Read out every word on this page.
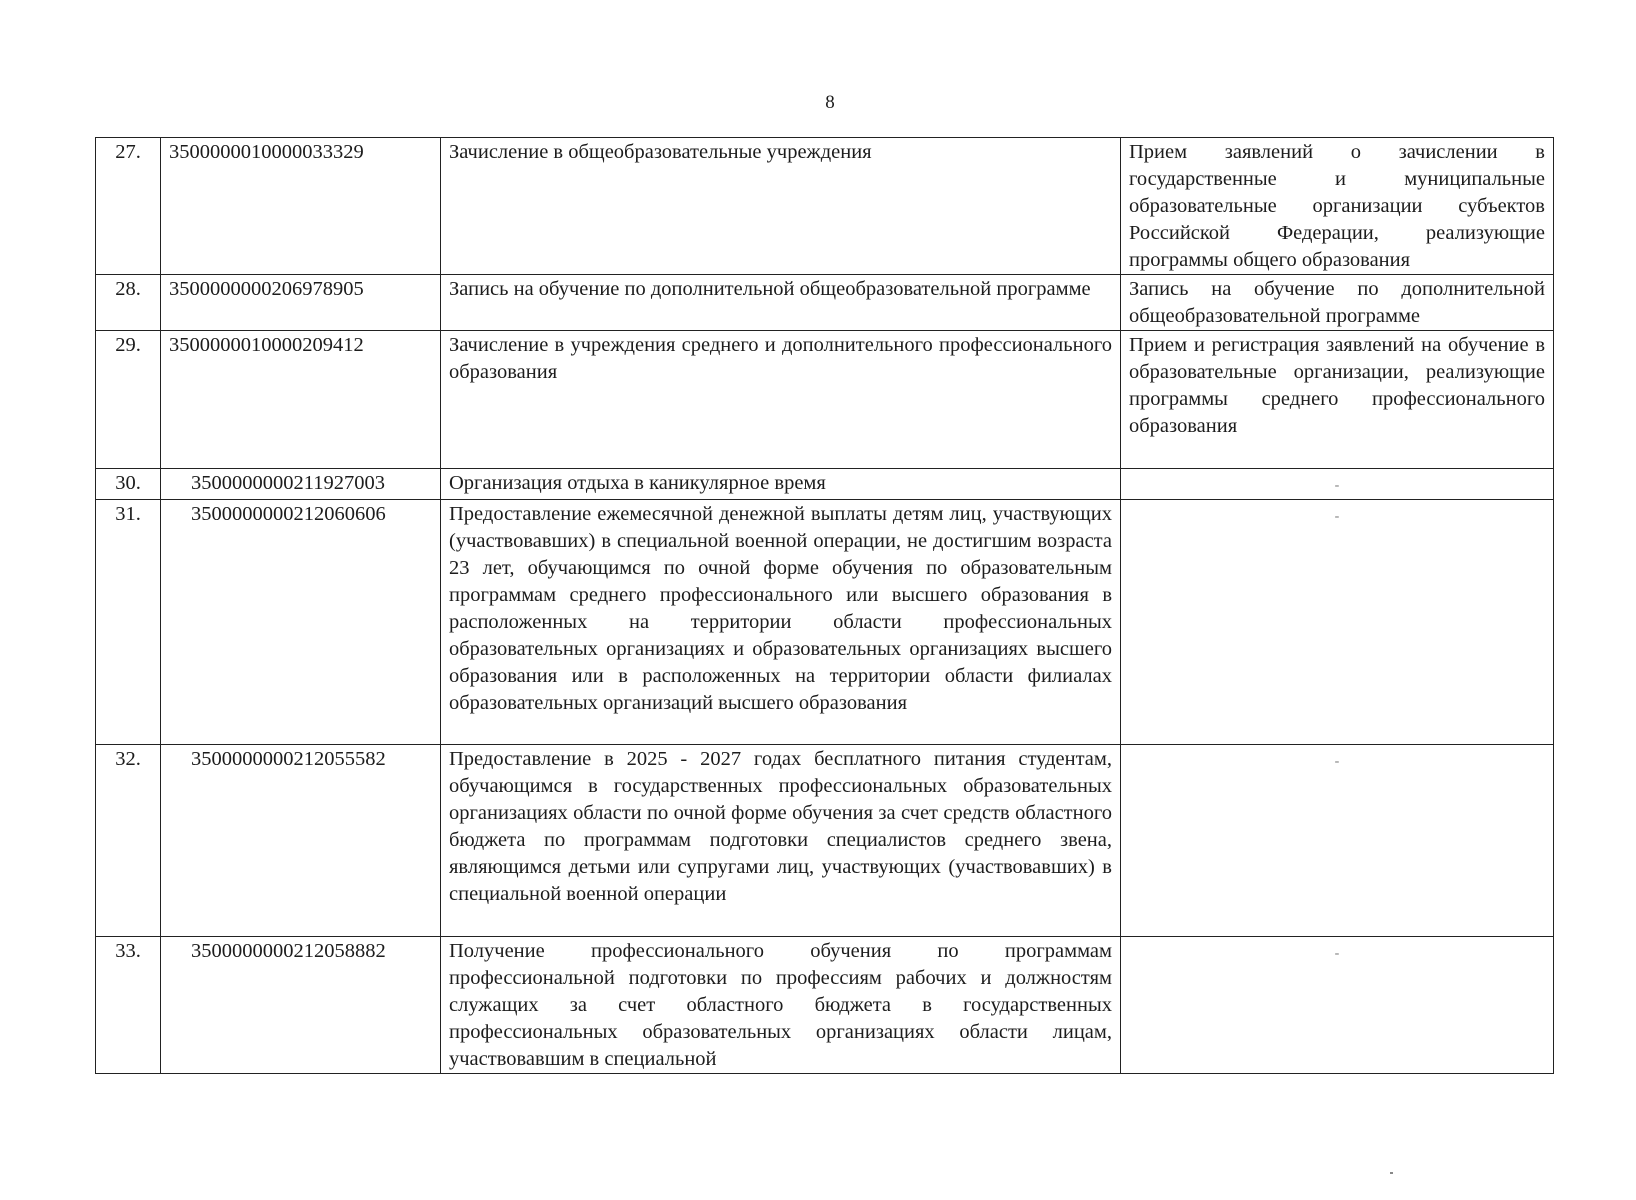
8
27.	3500000010000033329	Зачисление в общеобразовательные учреждения	Прием заявлений о зачислении в государственные и муниципальные образовательные организации субъектов Российской Федерации, реализующие программы общего образования
28.	3500000000206978905	Запись на обучение по дополнительной общеобразовательной программе	Запись на обучение по дополнительной общеобразовательной программе
29.	3500000010000209412	Зачисление в учреждения среднего и дополнительного профессионального образования	Прием и регистрация заявлений на обучение в образовательные организации, реализующие программы среднего профессионального образования
30.	3500000000211927003	Организация отдыха в каникулярное время	-
31.	3500000000212060606	Предоставление ежемесячной денежной выплаты детям лиц, участвующих (участвовавших) в специальной военной операции, не достигшим возраста 23 лет, обучающимся по очной форме обучения по образовательным программам среднего профессионального или высшего образования в расположенных на территории области профессиональных образовательных организациях и образовательных организациях высшего образования или в расположенных на территории области филиалах образовательных организаций высшего образования	-
32.	3500000000212055582	Предоставление в 2025 - 2027 годах бесплатного питания студентам, обучающимся в государственных профессиональных образовательных организациях области по очной форме обучения за счет средств областного бюджета по программам подготовки специалистов среднего звена, являющимся детьми или супругами лиц, участвующих (участвовавших) в специальной военной операции	-
33.	3500000000212058882	Получение профессионального обучения по программам профессиональной подготовки по профессиям рабочих и должностям служащих за счет областного бюджета в государственных профессиональных образовательных организациях области лицам, участвовавшим в специальной	-
